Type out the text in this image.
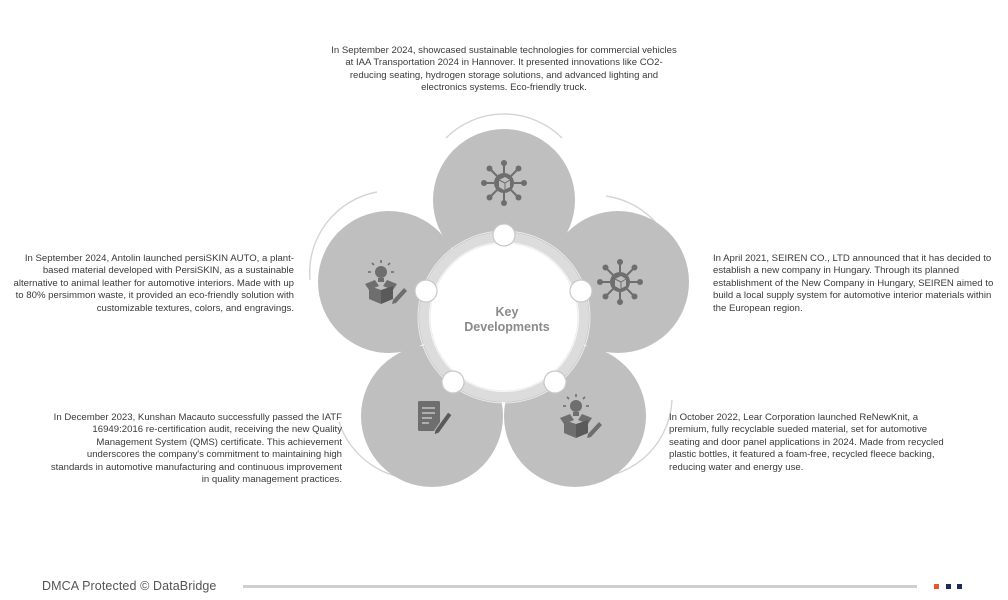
Key
Developments
In September 2024, showcased sustainable technologies for commercial vehicles at IAA Transportation 2024 in Hannover. It presented innovations like CO2-reducing seating, hydrogen storage solutions, and advanced lighting and electronics systems. Eco-friendly truck.
In April 2021, SEIREN CO., LTD announced that it has decided to establish a new company in Hungary. Through its planned establishment of the New Company in Hungary, SEIREN aimed to build a local supply system for automotive interior materials within the European region.
In October 2022, Lear Corporation launched ReNewKnit, a premium, fully recyclable sueded material, set for automotive seating and door panel applications in 2024. Made from recycled plastic bottles, it featured a foam-free, recycled fleece backing, reducing water and energy use.
In December 2023, Kunshan Macauto successfully passed the IATF 16949:2016 re-certification audit, receiving the new Quality Management System (QMS) certificate. This achievement underscores the company's commitment to maintaining high standards in automotive manufacturing and continuous improvement in quality management practices.
In September 2024, Antolin launched persiSKIN AUTO, a plant-based material developed with PersiSKIN, as a sustainable alternative to animal leather for automotive interiors. Made with up to 80% persimmon waste, it provided an eco-friendly solution with customizable textures, colors, and engravings.
DMCA Protected © DataBridge
